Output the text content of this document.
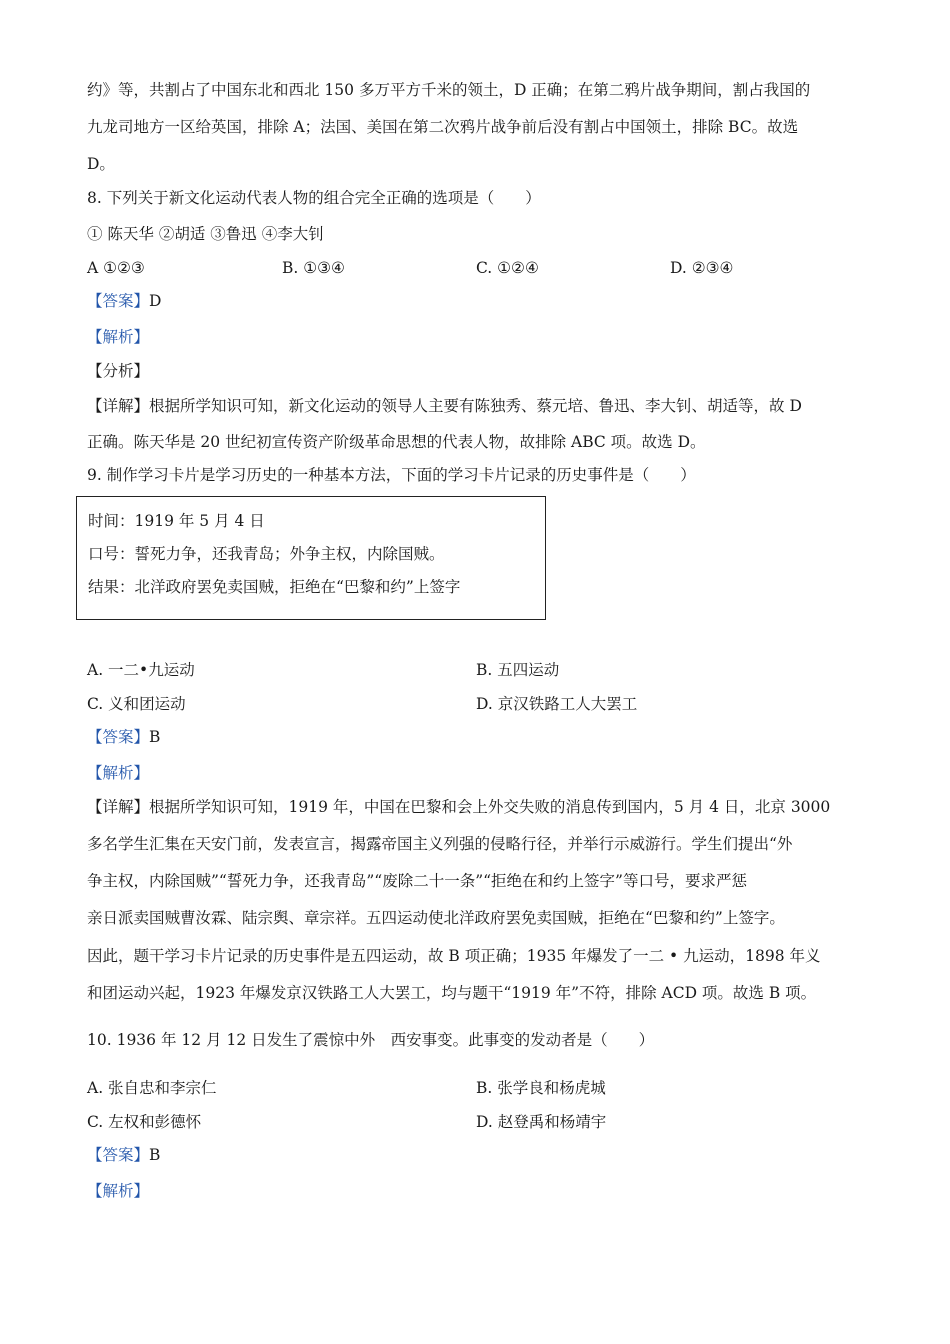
约》等，共割占了中国东北和西北 150 多万平方千米的领土，D 正确；在第二鸦片战争期间，割占我国的
九龙司地方一区给英国，排除 A；法国、美国在第二次鸦片战争前后没有割占中国领土，排除 BC。故选
D。
8. 下列关于新文化运动代表人物的组合完全正确的选项是（　　）
① 陈天华 ②胡适 ③鲁迅 ④李大钊
A ①②③	B. ①③④	C. ①②④	D. ②③④
【答案】D
【解析】
【分析】
【详解】根据所学知识可知，新文化运动的领导人主要有陈独秀、蔡元培、鲁迅、李大钊、胡适等，故 D
正确。陈天华是 20 世纪初宣传资产阶级革命思想的代表人物，故排除 ABC 项。故选 D。
9. 制作学习卡片是学习历史的一种基本方法，下面的学习卡片记录的历史事件是（　　）
时间：1919 年 5 月 4 日
口号：誓死力争，还我青岛；外争主权，内除国贼。
结果：北洋政府罢免卖国贼，拒绝在“巴黎和约”上签字
A. 一二•九运动	B. 五四运动
C. 义和团运动	D. 京汉铁路工人大罢工
【答案】B
【解析】
【详解】根据所学知识可知，1919 年，中国在巴黎和会上外交失败的消息传到国内，5 月 4 日，北京 3000
多名学生汇集在天安门前，发表宣言，揭露帝国主义列强的侵略行径，并举行示威游行。学生们提出“外
争主权，内除国贼”“誓死力争，还我青岛”“废除二十一条”“拒绝在和约上签字”等口号，要求严惩
亲日派卖国贼曹汝霖、陆宗舆、章宗祥。五四运动使北洋政府罢免卖国贼，拒绝在“巴黎和约”上签字。
因此，题干学习卡片记录的历史事件是五四运动，故 B 项正确；1935 年爆发了一二 • 九运动，1898 年义
和团运动兴起，1923 年爆发京汉铁路工人大罢工，均与题干“1919 年”不符，排除 ACD 项。故选 B 项。
10. 1936 年 12 月 12 日发生了震惊中外　西安事变。此事变的发动者是（　　）
A. 张自忠和李宗仁	B. 张学良和杨虎城
C. 左权和彭德怀	D. 赵登禹和杨靖宇
【答案】B
【解析】
